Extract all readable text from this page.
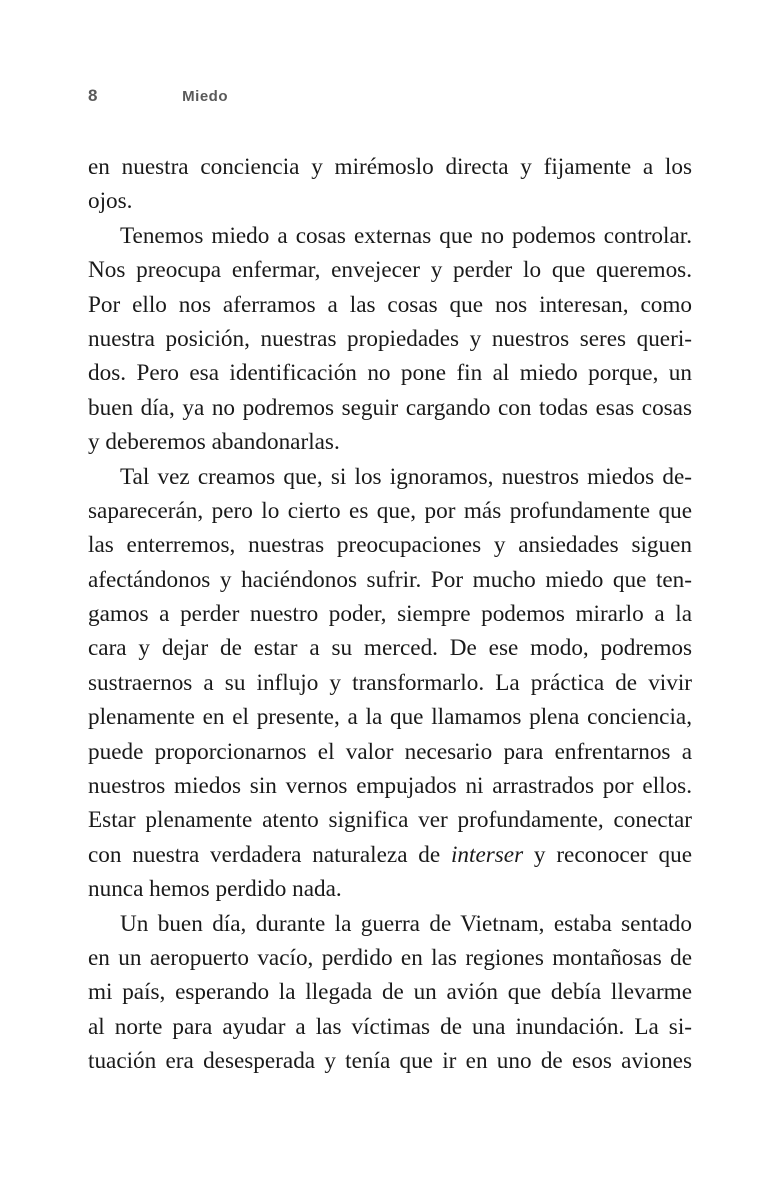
8	Miedo
en nuestra conciencia y mirémoslo directa y fijamente a los
ojos.
Tenemos miedo a cosas externas que no podemos controlar.
Nos preocupa enfermar, envejecer y perder lo que queremos.
Por ello nos aferramos a las cosas que nos interesan, como
nuestra posición, nuestras propiedades y nuestros seres queri-
dos. Pero esa identificación no pone fin al miedo porque, un
buen día, ya no podremos seguir cargando con todas esas cosas
y deberemos abandonarlas.
Tal vez creamos que, si los ignoramos, nuestros miedos de-
saparecerán, pero lo cierto es que, por más profundamente que
las enterremos, nuestras preocupaciones y ansiedades siguen
afectándonos y haciéndonos sufrir. Por mucho miedo que ten-
gamos a perder nuestro poder, siempre podemos mirarlo a la
cara y dejar de estar a su merced. De ese modo, podremos
sustraernos a su influjo y transformarlo. La práctica de vivir
plenamente en el presente, a la que llamamos plena conciencia,
puede proporcionarnos el valor necesario para enfrentarnos a
nuestros miedos sin vernos empujados ni arrastrados por ellos.
Estar plenamente atento significa ver profundamente, conectar
con nuestra verdadera naturaleza de interser y reconocer que
nunca hemos perdido nada.
Un buen día, durante la guerra de Vietnam, estaba sentado
en un aeropuerto vacío, perdido en las regiones montañosas de
mi país, esperando la llegada de un avión que debía llevarme
al norte para ayudar a las víctimas de una inundación. La si-
tuación era desesperada y tenía que ir en uno de esos aviones
